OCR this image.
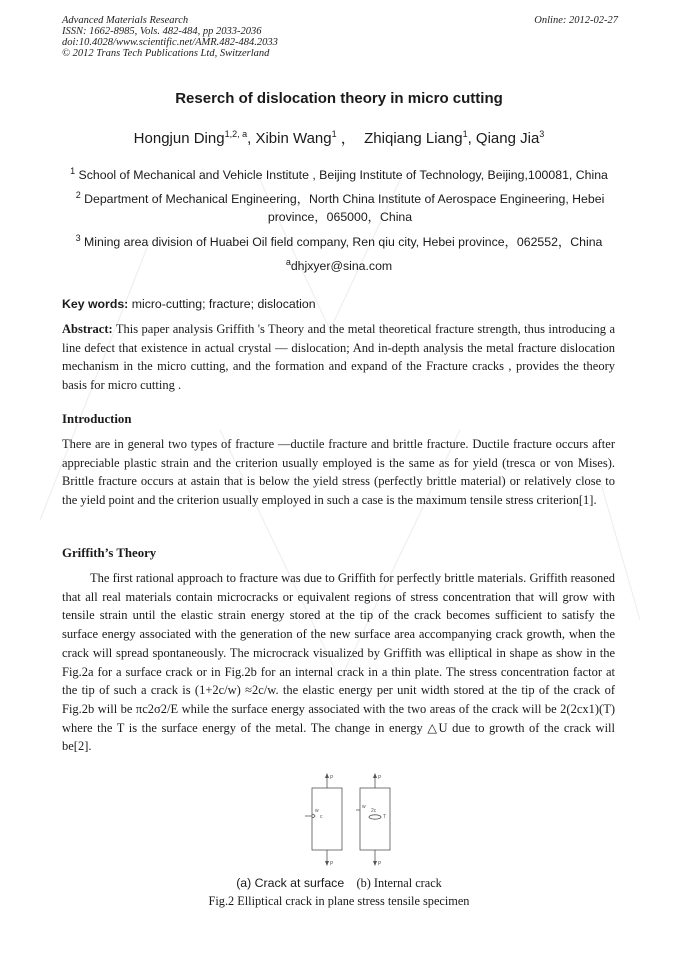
Advanced Materials Research
ISSN: 1662-8985, Vols. 482-484, pp 2033-2036
doi:10.4028/www.scientific.net/AMR.482-484.2033
© 2012 Trans Tech Publications Ltd, Switzerland
Online: 2012-02-27
Reserch of dislocation theory in micro cutting
Hongjun Ding$^{1,2, a}$, Xibin Wang$^1$ ，  Zhiqiang Liang$^1$, Qiang Jia$^3$
$^1$ School of Mechanical and Vehicle Institute , Beijing Institute of Technology, Beijing,100081, China
$^2$ Department of Mechanical Engineering，North China Institute of Aerospace Engineering, Hebei province，065000，China
$^3$ Mining area division of Huabei Oil field company, Ren qiu city, Hebei province，062552，China
$^a$dhjxyer@sina.com
Key words: micro-cutting; fracture; dislocation
Abstract: This paper analysis Griffith 's Theory and the metal theoretical fracture strength, thus introducing a line defect that existence in actual crystal — dislocation; And in-depth analysis the metal fracture dislocation mechanism in the micro cutting, and the formation and expand of the Fracture cracks , provides the theory basis for micro cutting .
Introduction
There are in general two types of fracture —ductile fracture and brittle fracture. Ductile fracture occurs after appreciable plastic strain and the criterion usually employed is the same as for yield (tresca or von Mises). Brittle fracture occurs at astain that is below the yield stress (perfectly brittle material) or relatively close to the yield point and the criterion usually employed in such a case is the maximum tensile stress criterion[1].
Griffith’s Theory
The first rational approach to fracture was due to Griffith for perfectly brittle materials. Griffith reasoned that all real materials contain microcracks or equivalent regions of stress concentration that will grow with tensile strain until the elastic strain energy stored at the tip of the crack becomes sufficient to satisfy the surface energy associated with the generation of the new surface area accompanying crack growth, when the crack will spread spontaneously. The microcrack visualized by Griffith was elliptical in shape as show in the Fig.2a for a surface crack or in Fig.2b for an internal crack in a thin plate. The stress concentration factor at the tip of such a crack is (1+2c/w) ≈2c/w. the elastic energy per unit width stored at the tip of the crack of Fig.2b will be πc2σ2/E while the surface energy associated with the two areas of the crack will be 2(2cx1)(T) where the T is the surface energy of the metal. The change in energy △U due to growth of the crack will be[2].
P
P
P
P
w
c
w
2c
T
(a) Crack at surface (b) Internal crack
Fig.2 Elliptical crack in plane stress tensile specimen
